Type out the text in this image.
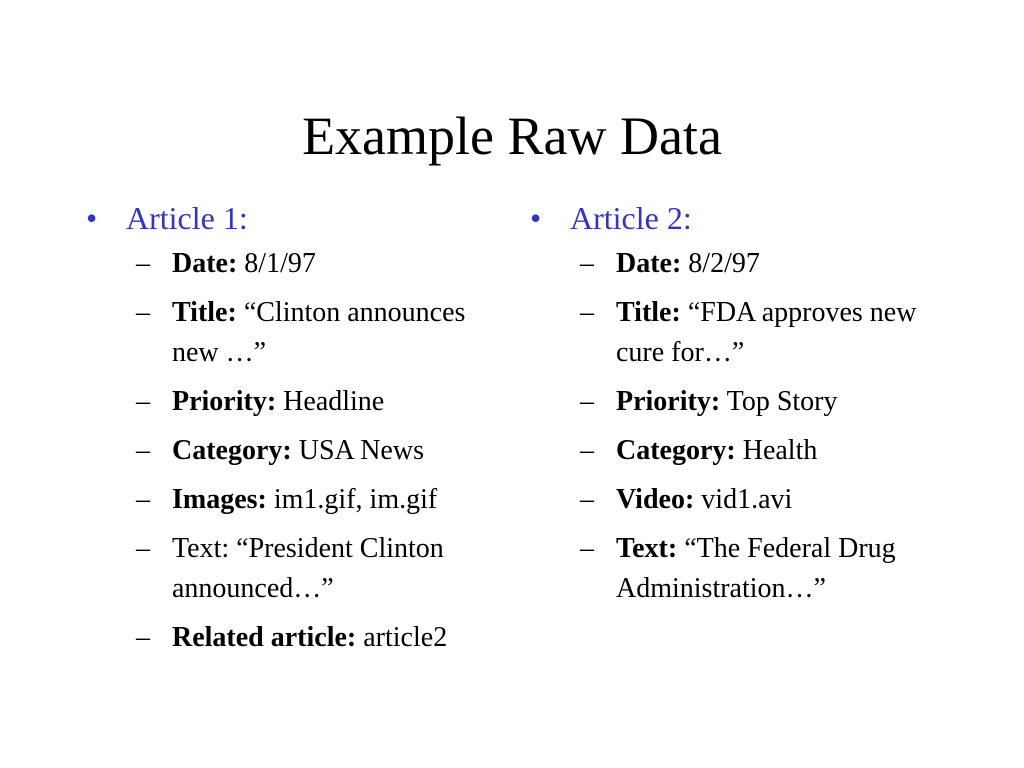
Example Raw Data
• Article 1:
– Date: 8/1/97
– Title: “Clinton announces new …”
– Priority: Headline
– Category: USA News
– Images: im1.gif, im.gif
– Text: “President Clinton announced…”
– Related article: article2
• Article 2:
– Date: 8/2/97
– Title: “FDA approves new cure for…”
– Priority: Top Story
– Category: Health
– Video: vid1.avi
– Text: “The Federal Drug Administration…”
